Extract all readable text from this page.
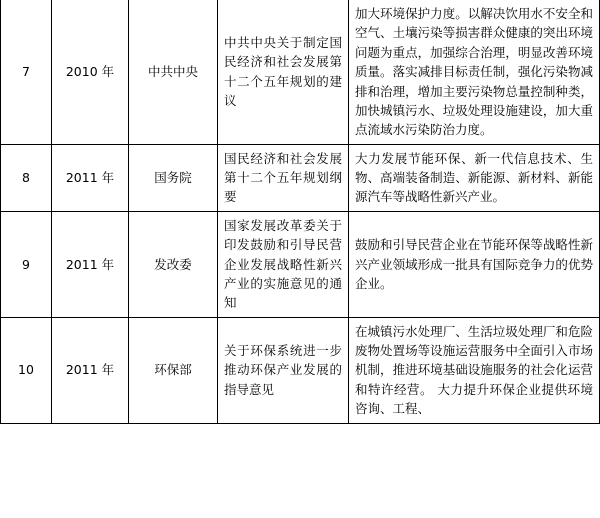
7	2010 年	中共中央	中共中央关于制定国民经济和社会发展第十二个五年规划的建议	加大环境保护力度。以解决饮用水不安全和空气、土壤污染等损害群众健康的突出环境问题为重点，加强综合治理，明显改善环境质量。落实减排目标责任制，强化污染物减排和治理，增加主要污染物总量控制种类，加快城镇污水、垃圾处理设施建设，加大重点流域水污染防治力度。
8	2011 年	国务院	国民经济和社会发展第十二个五年规划纲要	大力发展节能环保、新一代信息技术、生物、高端装备制造、新能源、新材料、新能源汽车等战略性新兴产业。
9	2011 年	发改委	国家发展改革委关于印发鼓励和引导民营企业发展战略性新兴产业的实施意见的通知	鼓励和引导民营企业在节能环保等战略性新兴产业领域形成一批具有国际竞争力的优势企业。
10	2011 年	环保部	关于环保系统进一步推动环保产业发展的指导意见	在城镇污水处理厂、生活垃圾处理厂和危险废物处置场等设施运营服务中全面引入市场机制，推进环境基础设施服务的社会化运营和特许经营。 大力提升环保企业提供环境咨询、工程、
